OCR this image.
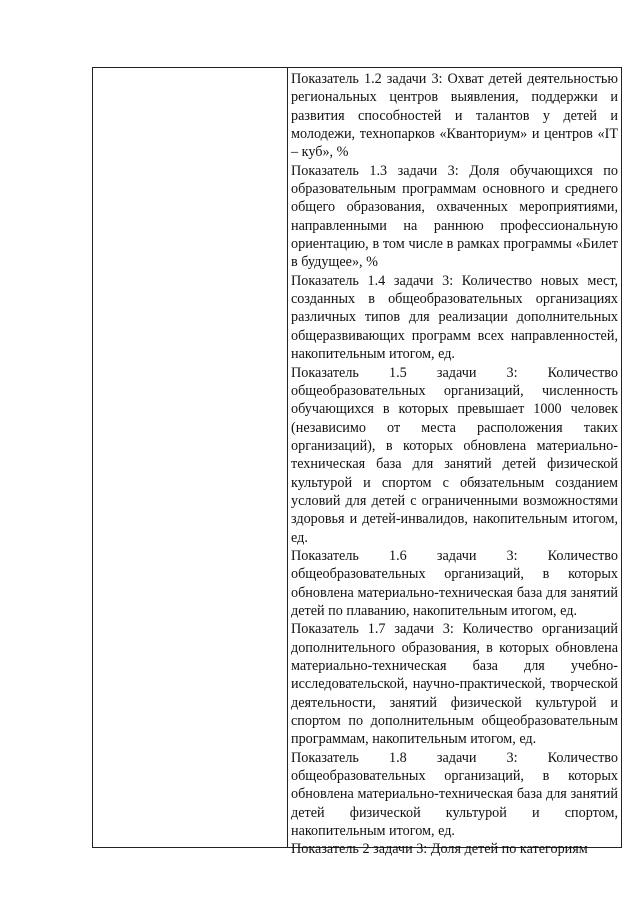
Показатель 1.2 задачи 3: Охват детей деятельностью региональных центров выявления, поддержки и развития способностей и талантов у детей и молодежи, технопарков «Кванториум» и центров «IT – куб», %

Показатель 1.3 задачи 3: Доля обучающихся по образовательным программам основного и среднего общего образования, охваченных мероприятиями, направленными на раннюю профессиональную ориентацию, в том числе в рамках программы «Билет в будущее», %

Показатель 1.4 задачи 3: Количество новых мест, созданных в общеобразовательных организациях различных типов для реализации дополнительных общеразвивающих программ всех направленностей, накопительным итогом, ед.

Показатель 1.5 задачи 3: Количество общеобразовательных организаций, численность обучающихся в которых превышает 1000 человек (независимо от места расположения таких организаций), в которых обновлена материально-техническая база для занятий детей физической культурой и спортом с обязательным созданием условий для детей с ограниченными возможностями здоровья и детей-инвалидов, накопительным итогом, ед.

Показатель 1.6 задачи 3: Количество общеобразовательных организаций, в которых обновлена материально-техническая база для занятий детей по плаванию, накопительным итогом, ед.

Показатель 1.7 задачи 3: Количество организаций дополнительного образования, в которых обновлена материально-техническая база для учебно-исследовательской, научно-практической, творческой деятельности, занятий физической культурой и спортом по дополнительным общеобразовательным программам, накопительным итогом, ед.

Показатель 1.8 задачи 3: Количество общеобразовательных организаций, в которых обновлена материально-техническая база для занятий детей физической культурой и спортом, накопительным итогом, ед.

Показатель 2 задачи 3: Доля детей по категориям
